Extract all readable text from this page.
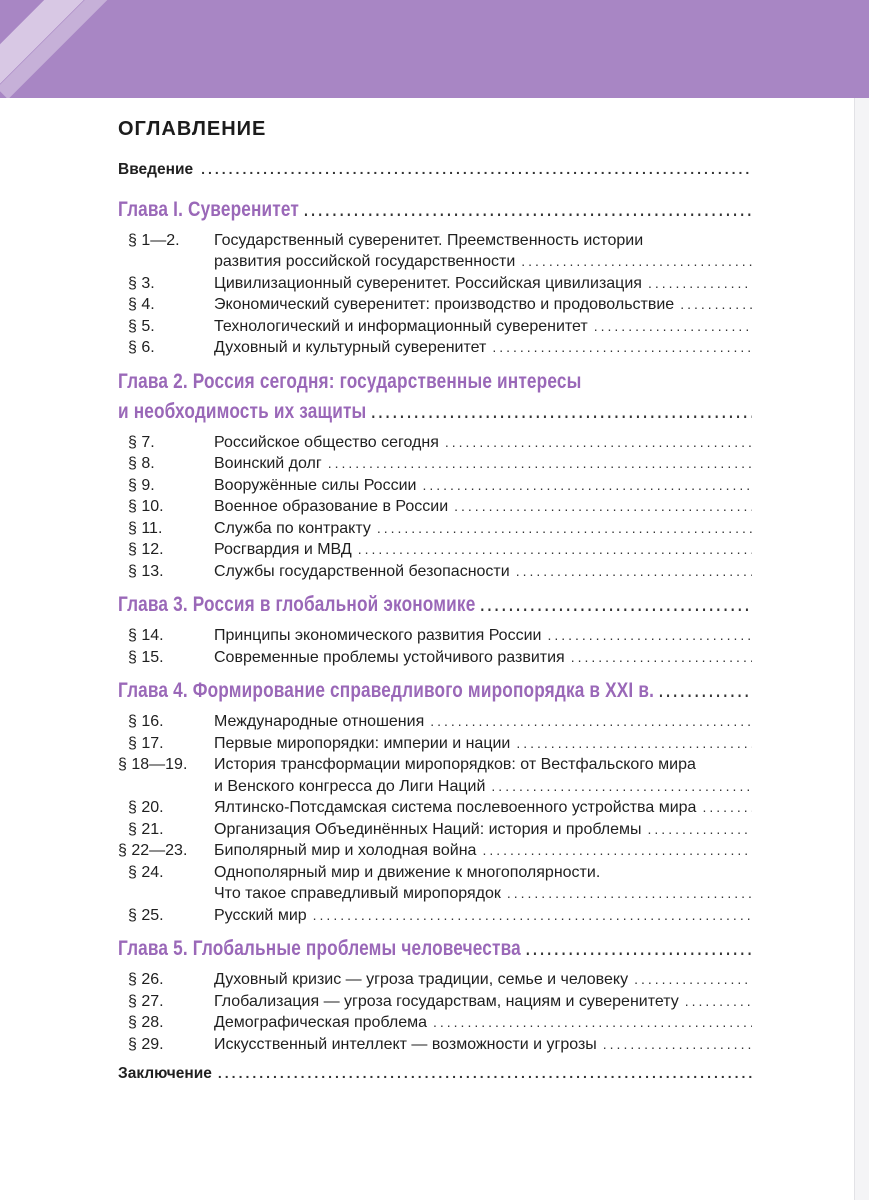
ОГЛАВЛЕНИЕ
Введение
.....
Глава I. Суверенитет
.....
§ 1—2.	Государственный суверенитет. Преемственность истории
развития российской государственности
.....
§ 3.	Цивилизационный суверенитет. Российская цивилизация
.....
§ 4.	Экономический суверенитет: производство и продовольствие
.....
§ 5.	Технологический и информационный суверенитет
.....
§ 6.	Духовный и культурный суверенитет
.....
Глава 2. Россия сегодня: государственные интересы
и необходимость их защиты
.....
§ 7.	Российское общество сегодня
.....
§ 8.	Воинский долг
.....
§ 9.	Вооружённые силы России
.....
§ 10.	Военное образование в России
.....
§ 11.	Служба по контракту
.....
§ 12.	Росгвардия и МВД
.....
§ 13.	Службы государственной безопасности
.....
Глава 3. Россия в глобальной экономике
.....
§ 14.	Принципы экономического развития России
.....
§ 15.	Современные проблемы устойчивого развития
.....
Глава 4. Формирование справедливого миропорядка в XXI в.
.....
§ 16.	Международные отношения
.....
§ 17.	Первые миропорядки: империи и нации
.....
§ 18—19.	История трансформации миропорядков: от Вестфальского мира
и Венского конгресса до Лиги Наций
.....
§ 20.	Ялтинско-Потсдамская система послевоенного устройства мира
.....
§ 21.	Организация Объединённых Наций: история и проблемы
.....
§ 22—23.	Биполярный мир и холодная война
.....
§ 24.	Однополярный мир и движение к многополярности.
Что такое справедливый миропорядок
.....
§ 25.	Русский мир
.....
Глава 5. Глобальные проблемы человечества
.....
§ 26.	Духовный кризис — угроза традиции, семье и человеку
.....
§ 27.	Глобализация — угроза государствам, нациям и суверенитету
.....
§ 28.	Демографическая проблема
.....
§ 29.	Искусственный интеллект — возможности и угрозы
.....
Заключение
.....
